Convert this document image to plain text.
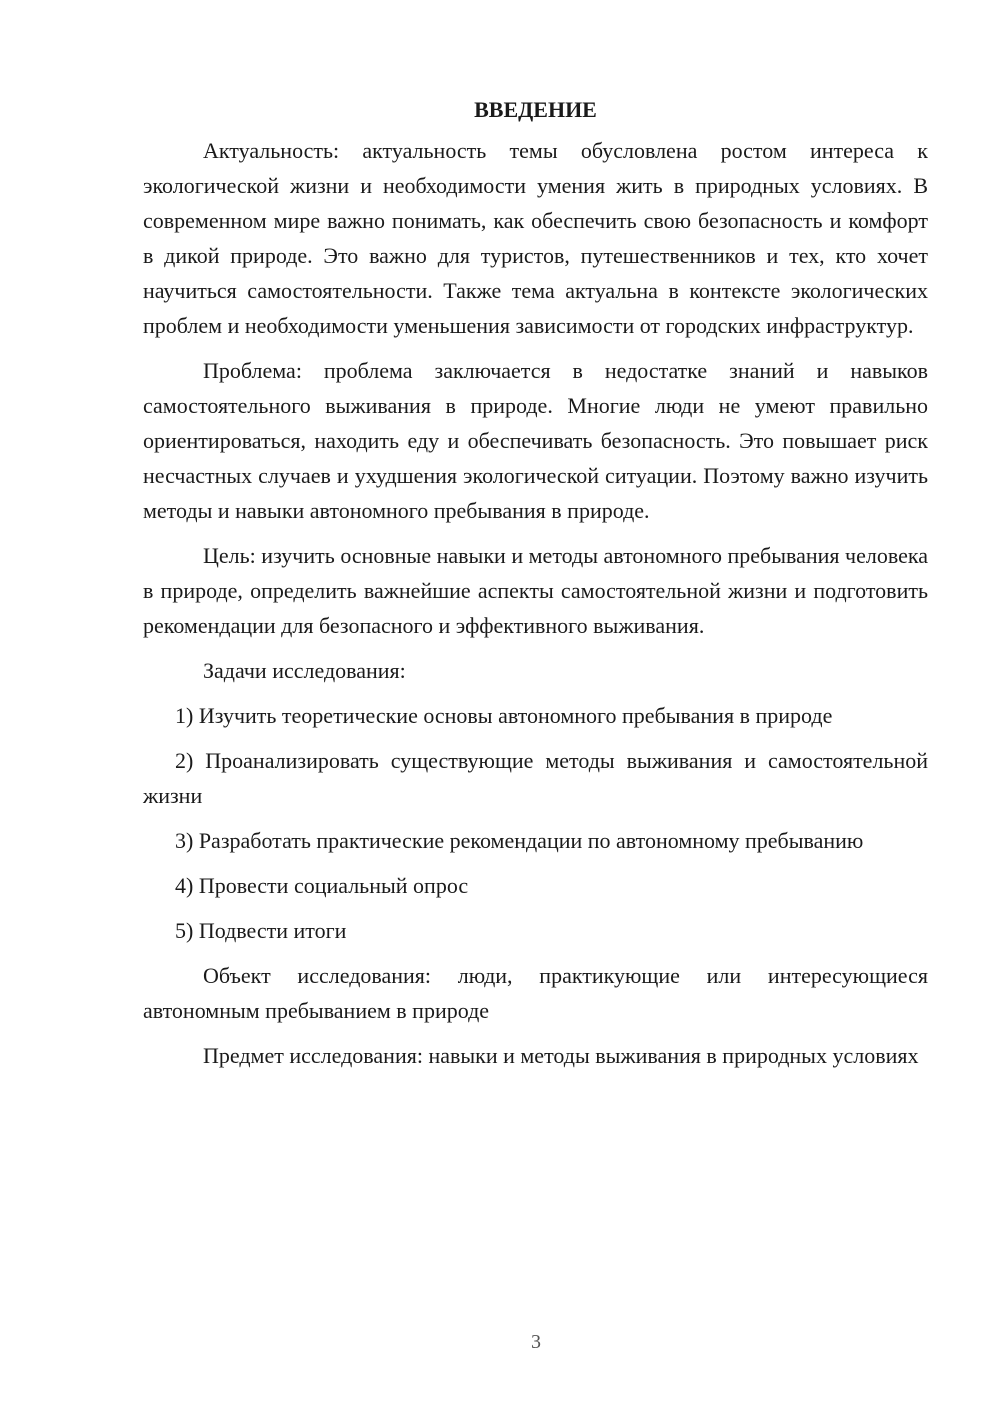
ВВЕДЕНИЕ

Актуальность: актуальность темы обусловлена ростом интереса к экологической жизни и необходимости умения жить в природных условиях. В современном мире важно понимать, как обеспечить свою безопасность и комфорт в дикой природе. Это важно для туристов, путешественников и тех, кто хочет научиться самостоятельности. Также тема актуальна в контексте экологических проблем и необходимости уменьшения зависимости от городских инфраструктур.

Проблема: проблема заключается в недостатке знаний и навыков самостоятельного выживания в природе. Многие люди не умеют правильно ориентироваться, находить еду и обеспечивать безопасность. Это повышает риск несчастных случаев и ухудшения экологической ситуации. Поэтому важно изучить методы и навыки автономного пребывания в природе.

Цель: изучить основные навыки и методы автономного пребывания человека в природе, определить важнейшие аспекты самостоятельной жизни и подготовить рекомендации для безопасного и эффективного выживания.

Задачи исследования:

1) Изучить теоретические основы автономного пребывания в природе
2) Проанализировать существующие методы выживания и самостоятельной жизни
3) Разработать практические рекомендации по автономному пребыванию
4) Провести социальный опрос
5) Подвести итоги

Объект исследования: люди, практикующие или интересующиеся автономным пребыванием в природе

Предмет исследования: навыки и методы выживания в природных условиях

3
